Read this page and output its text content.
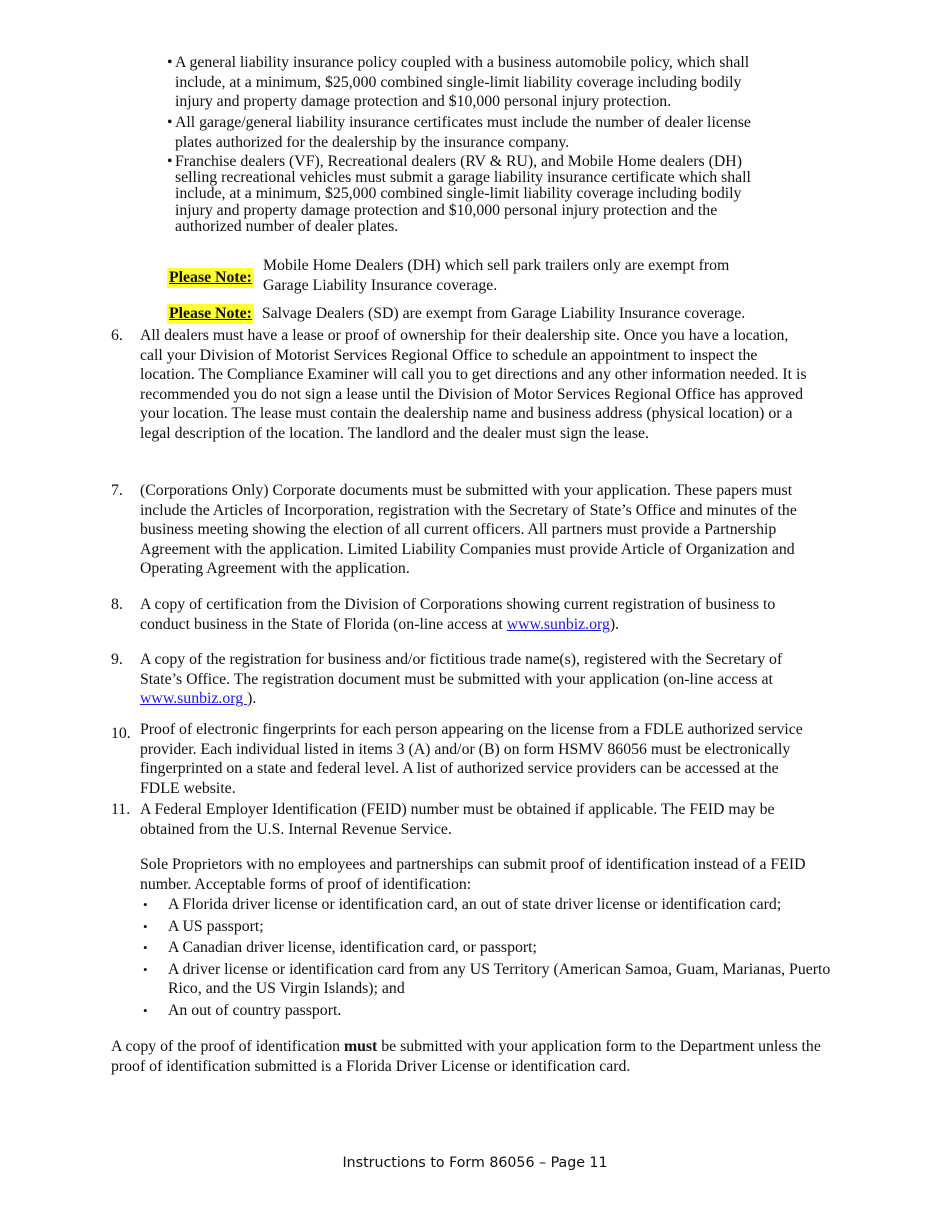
• A general liability insurance policy coupled with a business automobile policy, which shall include, at a minimum, $25,000 combined single-limit liability coverage including bodily injury and property damage protection and $10,000 personal injury protection.
• All garage/general liability insurance certificates must include the number of dealer license plates authorized for the dealership by the insurance company.
• Franchise dealers (VF), Recreational dealers (RV & RU), and Mobile Home dealers (DH) selling recreational vehicles must submit a garage liability insurance certificate which shall include, at a minimum, $25,000 combined single-limit liability coverage including bodily injury and property damage protection and $10,000 personal injury protection and the authorized number of dealer plates.
Please Note:
Mobile Home Dealers (DH) which sell park trailers only are exempt from Garage Liability Insurance coverage.
Please Note: Salvage Dealers (SD) are exempt from Garage Liability Insurance coverage.
6.	All dealers must have a lease or proof of ownership for their dealership site. Once you have a location, call your Division of Motorist Services Regional Office to schedule an appointment to inspect the location. The Compliance Examiner will call you to get directions and any other information needed. It is recommended you do not sign a lease until the Division of Motor Services Regional Office has approved your location. The lease must contain the dealership name and business address (physical location) or a legal description of the location. The landlord and the dealer must sign the lease.
7.	(Corporations Only) Corporate documents must be submitted with your application. These papers must include the Articles of Incorporation, registration with the Secretary of State’s Office and minutes of the business meeting showing the election of all current officers. All partners must provide a Partnership Agreement with the application. Limited Liability Companies must provide Article of Organization and Operating Agreement with the application.
8.	A copy of certification from the Division of Corporations showing current registration of business to conduct business in the State of Florida (on-line access at www.sunbiz.org).
9.	A copy of the registration for business and/or fictitious trade name(s), registered with the Secretary of State’s Office. The registration document must be submitted with your application (on-line access at www.sunbiz.org ).
10. Proof of electronic fingerprints for each person appearing on the license from a FDLE authorized service provider. Each individual listed in items 3 (A) and/or (B) on form HSMV 86056 must be electronically fingerprinted on a state and federal level. A list of authorized service providers can be accessed at the FDLE website.
11. A Federal Employer Identification (FEID) number must be obtained if applicable. The FEID may be obtained from the U.S. Internal Revenue Service.
Sole Proprietors with no employees and partnerships can submit proof of identification instead of a FEID number. Acceptable forms of proof of identification:
• A Florida driver license or identification card, an out of state driver license or identification card;
• A US passport;
• A Canadian driver license, identification card, or passport;
• A driver license or identification card from any US Territory (American Samoa, Guam, Marianas, Puerto Rico, and the US Virgin Islands); and
• An out of country passport.
A copy of the proof of identification must be submitted with your application form to the Department unless the proof of identification submitted is a Florida Driver License or identification card.
Instructions to Form 86056 – Page 11
